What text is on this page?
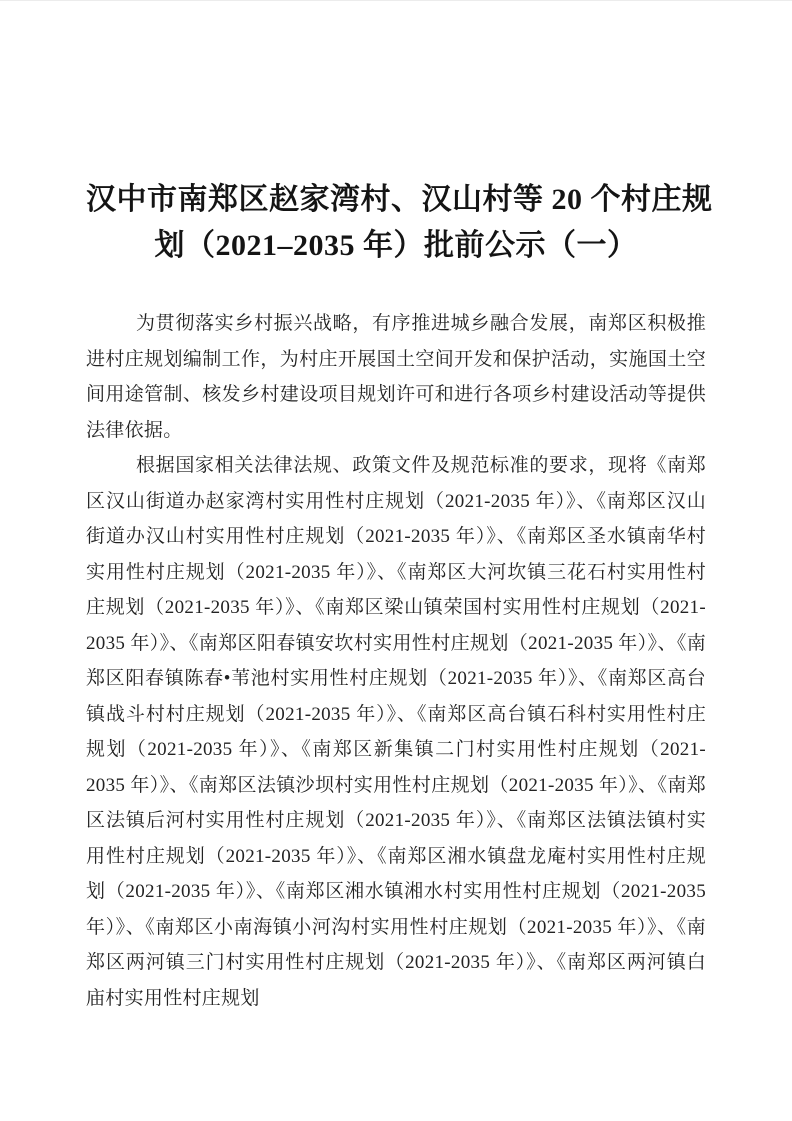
汉中市南郑区赵家湾村、汉山村等 20 个村庄规
划（2021–2035 年）批前公示（一）

为贯彻落实乡村振兴战略，有序推进城乡融合发展，南郑区积极推进村庄规划编制工作，为村庄开展国土空间开发和保护活动，实施国土空间用途管制、核发乡村建设项目规划许可和进行各项乡村建设活动等提供法律依据。

根据国家相关法律法规、政策文件及规范标准的要求，现将《南郑区汉山街道办赵家湾村实用性村庄规划（2021-2035 年）》、《南郑区汉山街道办汉山村实用性村庄规划（2021-2035 年）》、《南郑区圣水镇南华村实用性村庄规划（2021-2035 年）》、《南郑区大河坎镇三花石村实用性村庄规划（2021-2035 年）》、《南郑区梁山镇荣国村实用性村庄规划（2021-2035 年）》、《南郑区阳春镇安坎村实用性村庄规划（2021-2035 年）》、《南郑区阳春镇陈春•苇池村实用性村庄规划（2021-2035 年）》、《南郑区高台镇战斗村村庄规划（2021-2035 年）》、《南郑区高台镇石科村实用性村庄规划（2021-2035 年）》、《南郑区新集镇二门村实用性村庄规划（2021-2035 年）》、《南郑区法镇沙坝村实用性村庄规划（2021-2035 年）》、《南郑区法镇后河村实用性村庄规划（2021-2035 年）》、《南郑区法镇法镇村实用性村庄规划（2021-2035 年）》、《南郑区湘水镇盘龙庵村实用性村庄规划（2021-2035 年）》、《南郑区湘水镇湘水村实用性村庄规划（2021-2035 年）》、《南郑区小南海镇小河沟村实用性村庄规划（2021-2035 年）》、《南郑区两河镇三门村实用性村庄规划（2021-2035 年）》、《南郑区两河镇白庙村实用性村庄规划
